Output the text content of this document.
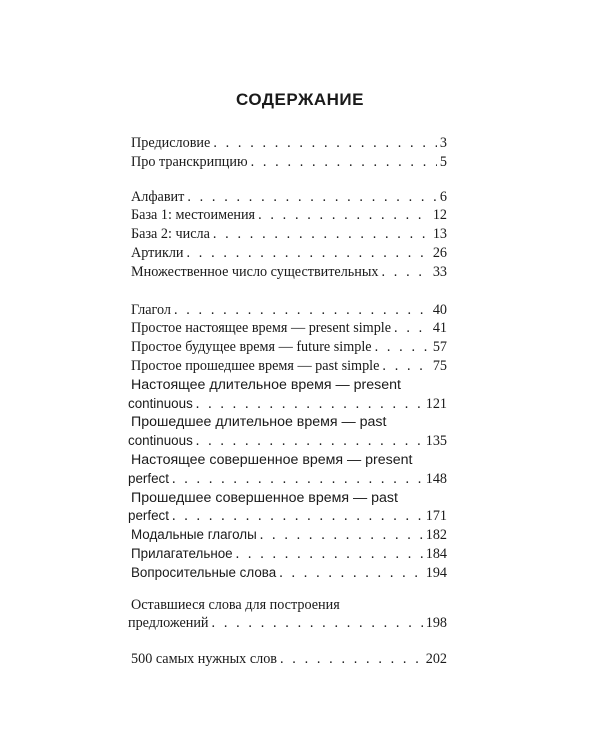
СОДЕРЖАНИЕ
Предисловие . . .	3
Про транскрипцию . . .	5
Алфавит . . .	6
База 1: местоимения . . .	12
База 2: числа . . .	13
Артикли . . .	26
Множественное число существительных . . .	33
Глагол . . .	40
Простое настоящее время — present simple . . .	41
Простое будущее время — future simple . . .	57
Простое прошедшее время — past simple . . .	75
Настоящее длительное время — present
continuous . . .	121
Прошедшее длительное время — past
continuous . . .	135
Настоящее совершенное время — present
perfect . . .	148
Прошедшее совершенное время — past
perfect . . .	171
Модальные глаголы . . .	182
Прилагательное . . .	184
Вопросительные слова . . .	194
Оставшиеся слова для построения
предложений . . .	198
500 самых нужных слов . . .	202
